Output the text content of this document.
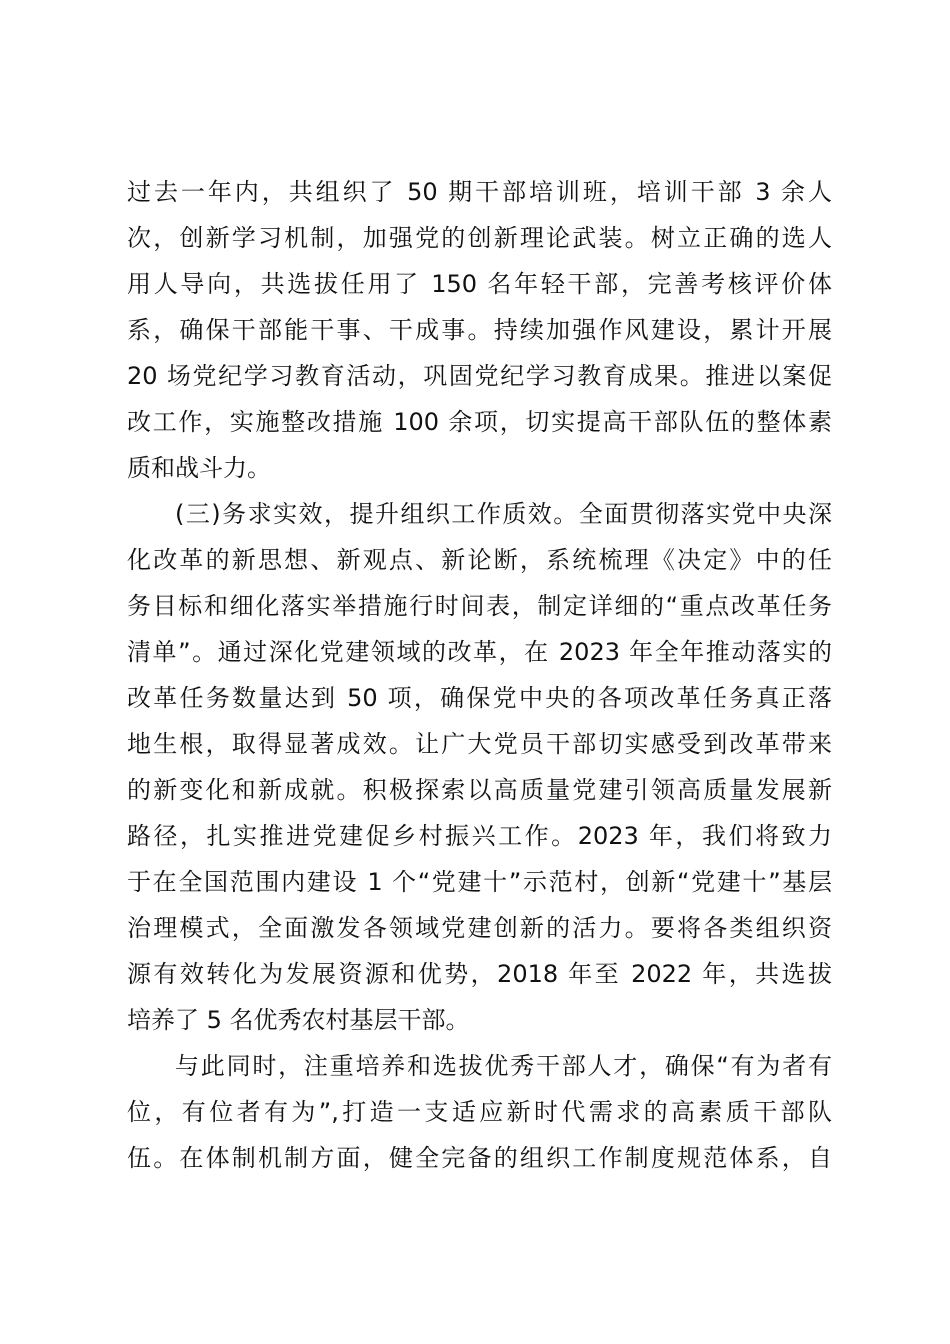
过去一年内，共组织了 50 期干部培训班，培训干部 3 余人
次，创新学习机制，加强党的创新理论武装。树立正确的选人
用人导向，共选拔任用了 150 名年轻干部，完善考核评价体
系，确保干部能干事、干成事。持续加强作风建设，累计开展
20 场党纪学习教育活动，巩固党纪学习教育成果。推进以案促
改工作，实施整改措施 100 余项，切实提高干部队伍的整体素
质和战斗力。
(三)务求实效，提升组织工作质效。全面贯彻落实党中央深
化改革的新思想、新观点、新论断，系统梳理《决定》中的任
务目标和细化落实举措施行时间表，制定详细的“重点改革任务
清单”。通过深化党建领域的改革，在 2023 年全年推动落实的
改革任务数量达到 50 项，确保党中央的各项改革任务真正落
地生根，取得显著成效。让广大党员干部切实感受到改革带来
的新变化和新成就。积极探索以高质量党建引领高质量发展新
路径，扎实推进党建促乡村振兴工作。2023 年，我们将致力
于在全国范围内建设 1 个“党建十”示范村，创新“党建十”基层
治理模式，全面激发各领域党建创新的活力。要将各类组织资
源有效转化为发展资源和优势，2018 年至 2022 年，共选拔
培养了 5 名优秀农村基层干部。
与此同时，注重培养和选拔优秀干部人才，确保“有为者有
位，有位者有为”,打造一支适应新时代需求的高素质干部队
伍。在体制机制方面，健全完备的组织工作制度规范体系，自
